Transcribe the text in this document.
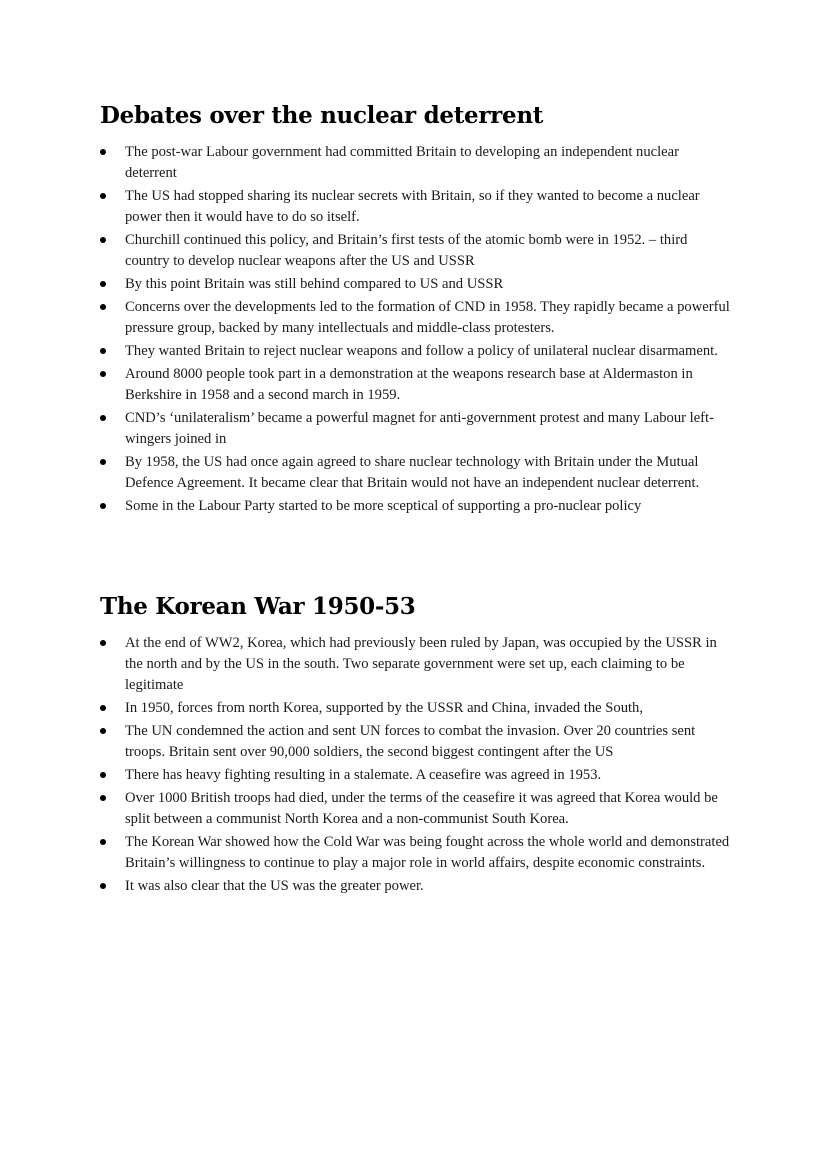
Debates over the nuclear deterrent
The post-war Labour government had committed Britain to developing an independent nuclear deterrent
The US had stopped sharing its nuclear secrets with Britain, so if they wanted to become a nuclear power then it would have to do so itself.
Churchill continued this policy, and Britain’s first tests of the atomic bomb were in 1952. – third country to develop nuclear weapons after the US and USSR
By this point Britain was still behind compared to US and USSR
Concerns over the developments led to the formation of CND in 1958. They rapidly became a powerful pressure group, backed by many intellectuals and middle-class protesters.
They wanted Britain to reject nuclear weapons and follow a policy of unilateral nuclear disarmament.
Around 8000 people took part in a demonstration at the weapons research base at Aldermaston in Berkshire in 1958 and a second march in 1959.
CND’s ‘unilateralism’ became a powerful magnet for anti-government protest and many Labour left-wingers joined in
By 1958, the US had once again agreed to share nuclear technology with Britain under the Mutual Defence Agreement. It became clear that Britain would not have an independent nuclear deterrent.
Some in the Labour Party started to be more sceptical of supporting a pro-nuclear policy
The Korean War 1950-53
At the end of WW2, Korea, which had previously been ruled by Japan, was occupied by the USSR in the north and by the US in the south. Two separate government were set up, each claiming to be legitimate
In 1950, forces from north Korea, supported by the USSR and China, invaded the South,
The UN condemned the action and sent UN forces to combat the invasion. Over 20 countries sent troops. Britain sent over 90,000 soldiers, the second biggest contingent after the US
There has heavy fighting resulting in a stalemate. A ceasefire was agreed in 1953.
Over 1000 British troops had died, under the terms of the ceasefire it was agreed that Korea would be split between a communist North Korea and a non-communist South Korea.
The Korean War showed how the Cold War was being fought across the whole world and demonstrated Britain’s willingness to continue to play a major role in world affairs, despite economic constraints.
It was also clear that the US was the greater power.
